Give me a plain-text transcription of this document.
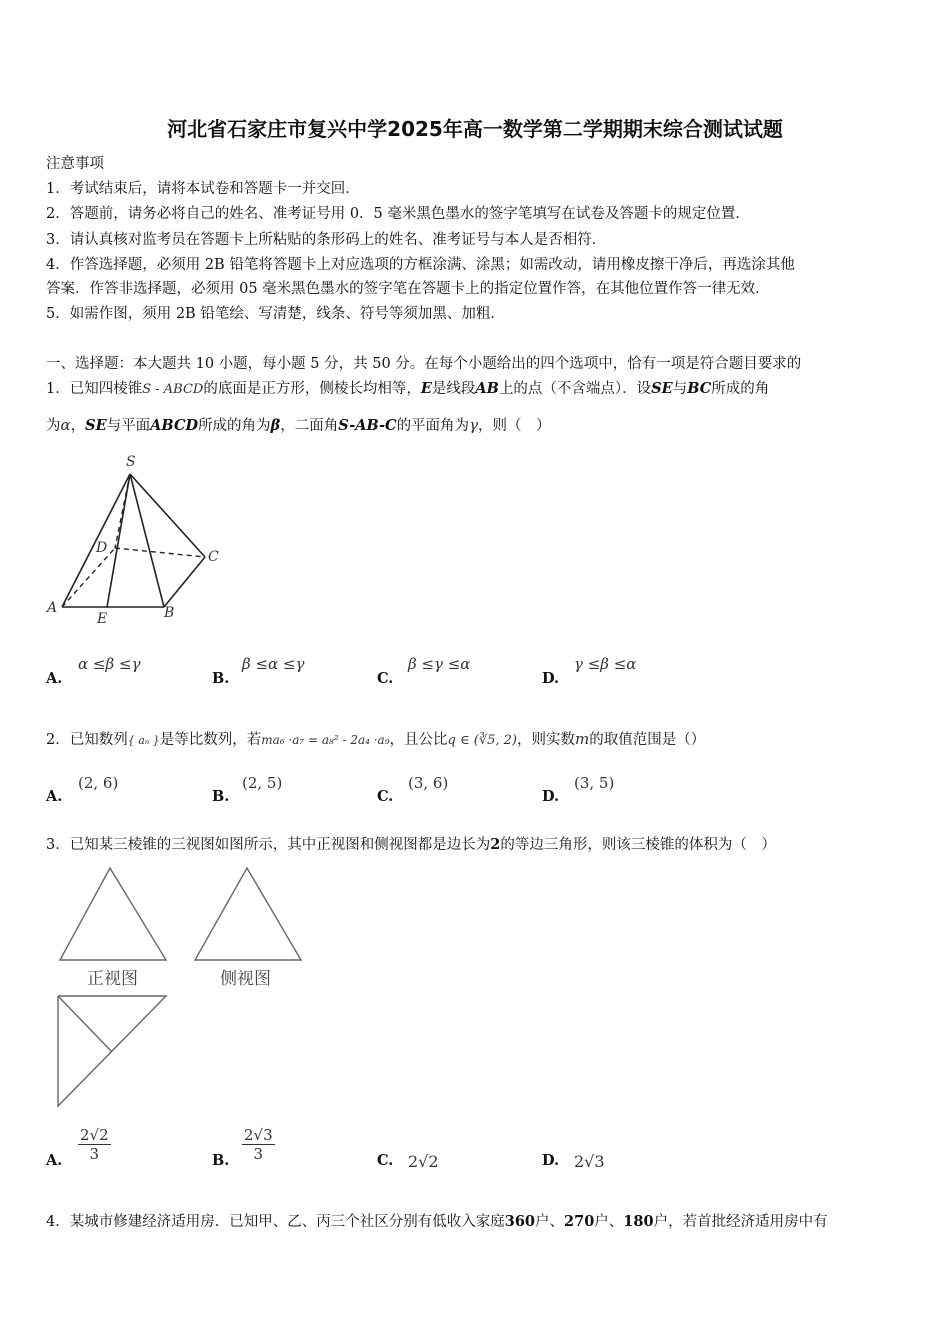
河北省石家庄市复兴中学2025年高一数学第二学期期末综合测试试题
注意事项
1．考试结束后，请将本试卷和答题卡一并交回．
2．答题前，请务必将自己的姓名、准考证号用 0．5 毫米黑色墨水的签字笔填写在试卷及答题卡的规定位置．
3．请认真核对监考员在答题卡上所粘贴的条形码上的姓名、准考证号与本人是否相符．
4．作答选择题，必须用 2B 铅笔将答题卡上对应选项的方框涂满、涂黑；如需改动，请用橡皮擦干净后，再选涂其他
答案．作答非选择题，必须用 05 毫米黑色墨水的签字笔在答题卡上的指定位置作答，在其他位置作答一律无效．
5．如需作图，须用 2B 铅笔绘、写清楚，线条、符号等须加黑、加粗．
一、选择题：本大题共 10 小题，每小题 5 分，共 50 分。在每个小题给出的四个选项中，恰有一项是符合题目要求的
1．已知四棱锥S - ABCD的底面是正方形，侧棱长均相等，E是线段AB上的点（不含端点）．设SE与BC所成的角
为α，SE与平面ABCD所成的角为β，二面角S-AB-C的平面角为γ，则（　）
S
D
C
A
E	B
A.
α ≤β ≤γ
B.
β ≤α ≤γ
C.
β ≤γ ≤α
D.
γ ≤β ≤α
2．已知数列{ aₙ }是等比数列，若ma₆ ·a₇ = a₈² - 2a₄ ·a₉，且公比q ∈ (∛5, 2)，则实数m的取值范围是（）
A.
(2, 6)
B.
(2, 5)
C.
(3, 6)
D.
(3, 5)
3．已知某三棱锥的三视图如图所示，其中正视图和侧视图都是边长为2的等边三角形，则该三棱锥的体积为（　）
正视图	侧视图
A. $\frac{2√2}{3}$	B. $\frac{2√3}{3}$	C. 2√2	D. 2√3
4．某城市修建经济适用房．已知甲、乙、丙三个社区分别有低收入家庭360户、270户、180户，若首批经济适用房中有
